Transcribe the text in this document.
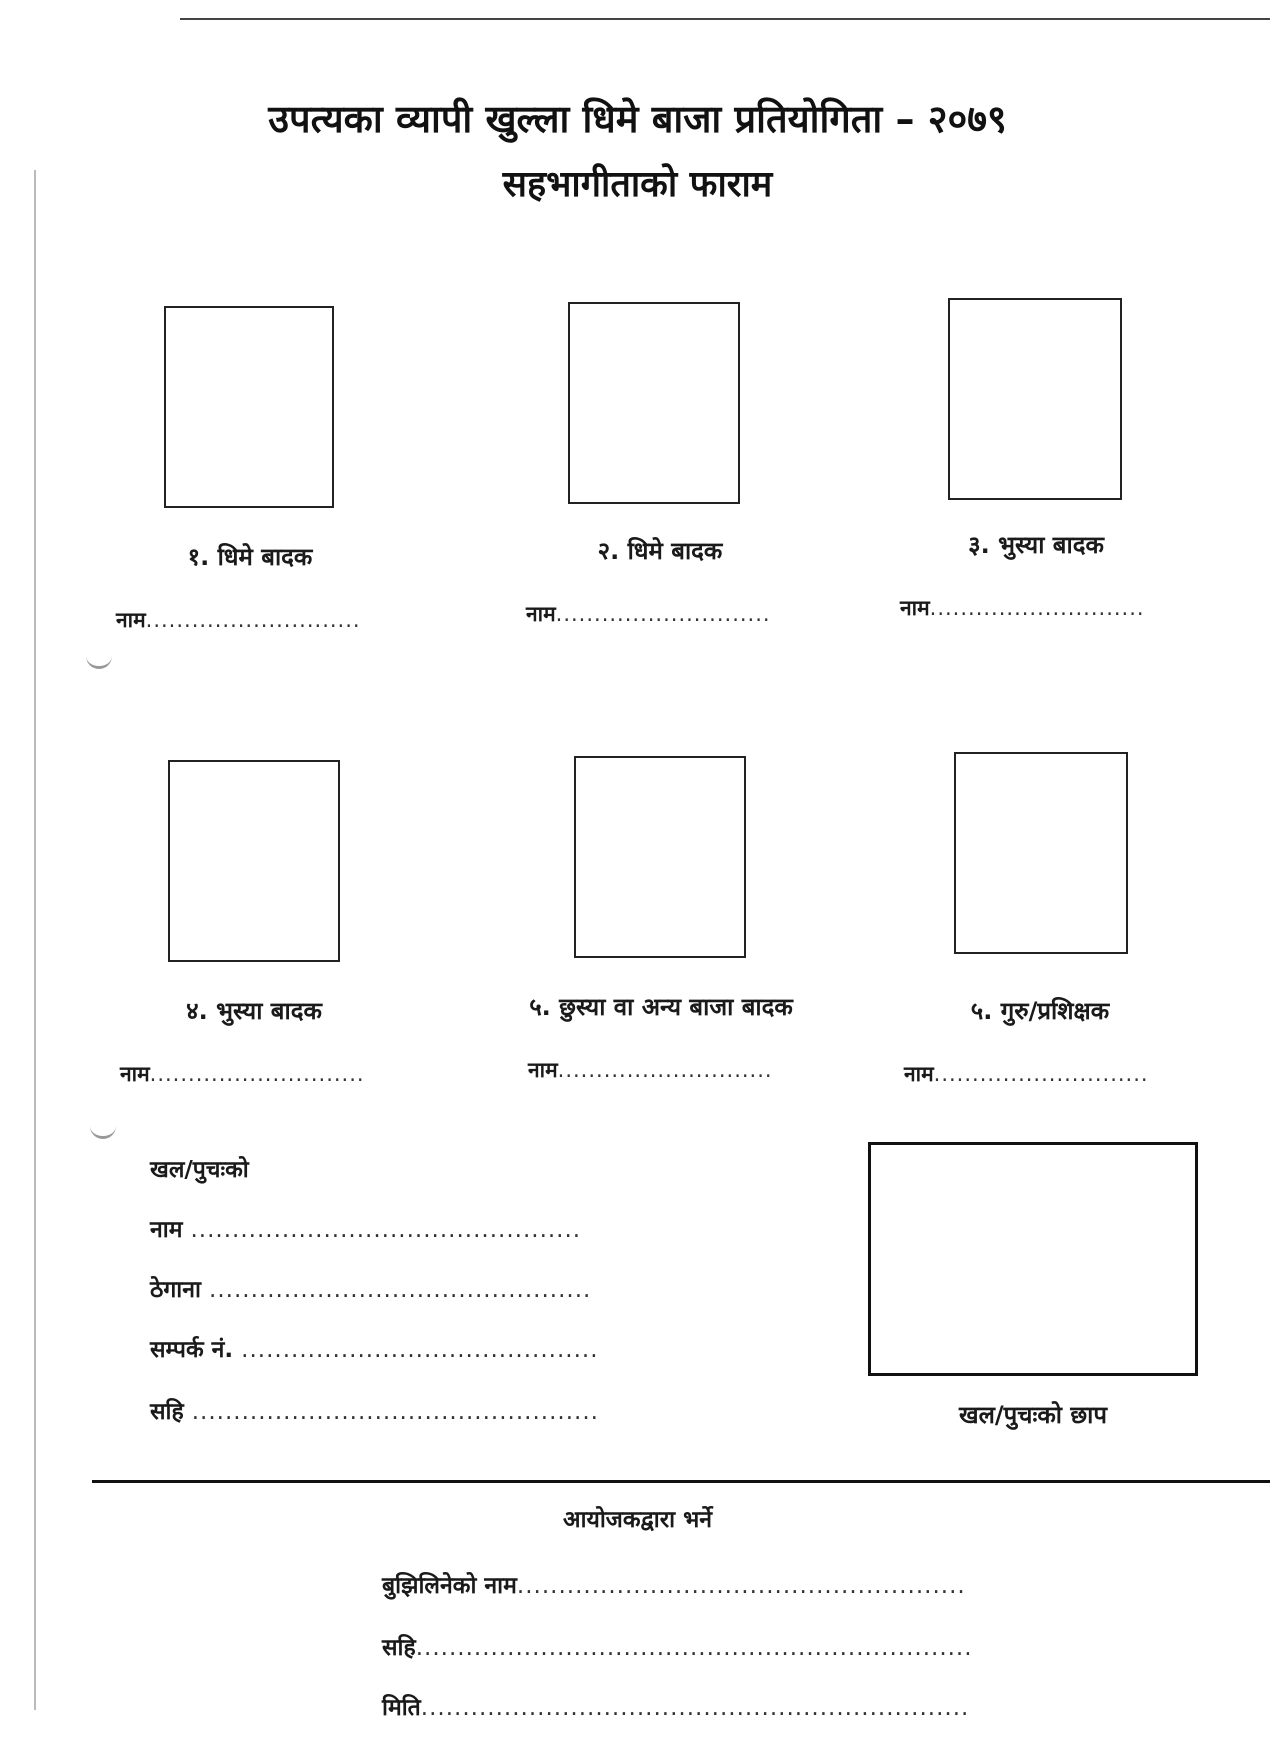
उपत्यका व्यापी खुल्ला धिमे बाजा प्रतियोगिता – २०७९
सहभागीताको फाराम
१. धिमे बादक
नाम............................
२. धिमे बादक
नाम............................
३. भुस्या बादक
नाम............................
४. भुस्या बादक
नाम............................
५. छुस्या वा अन्य बाजा बादक
नाम............................
५. गुरु/प्रशिक्षक
नाम............................
खल/पुचःको
नाम ...............................................
ठेगाना ..............................................
सम्पर्क नं. ...........................................
सहि .................................................	खल/पुचःको छाप
आयोजकद्वारा भर्ने
बुझिलिनेको नाम......................................................
सहि...................................................................
मिति..................................................................
